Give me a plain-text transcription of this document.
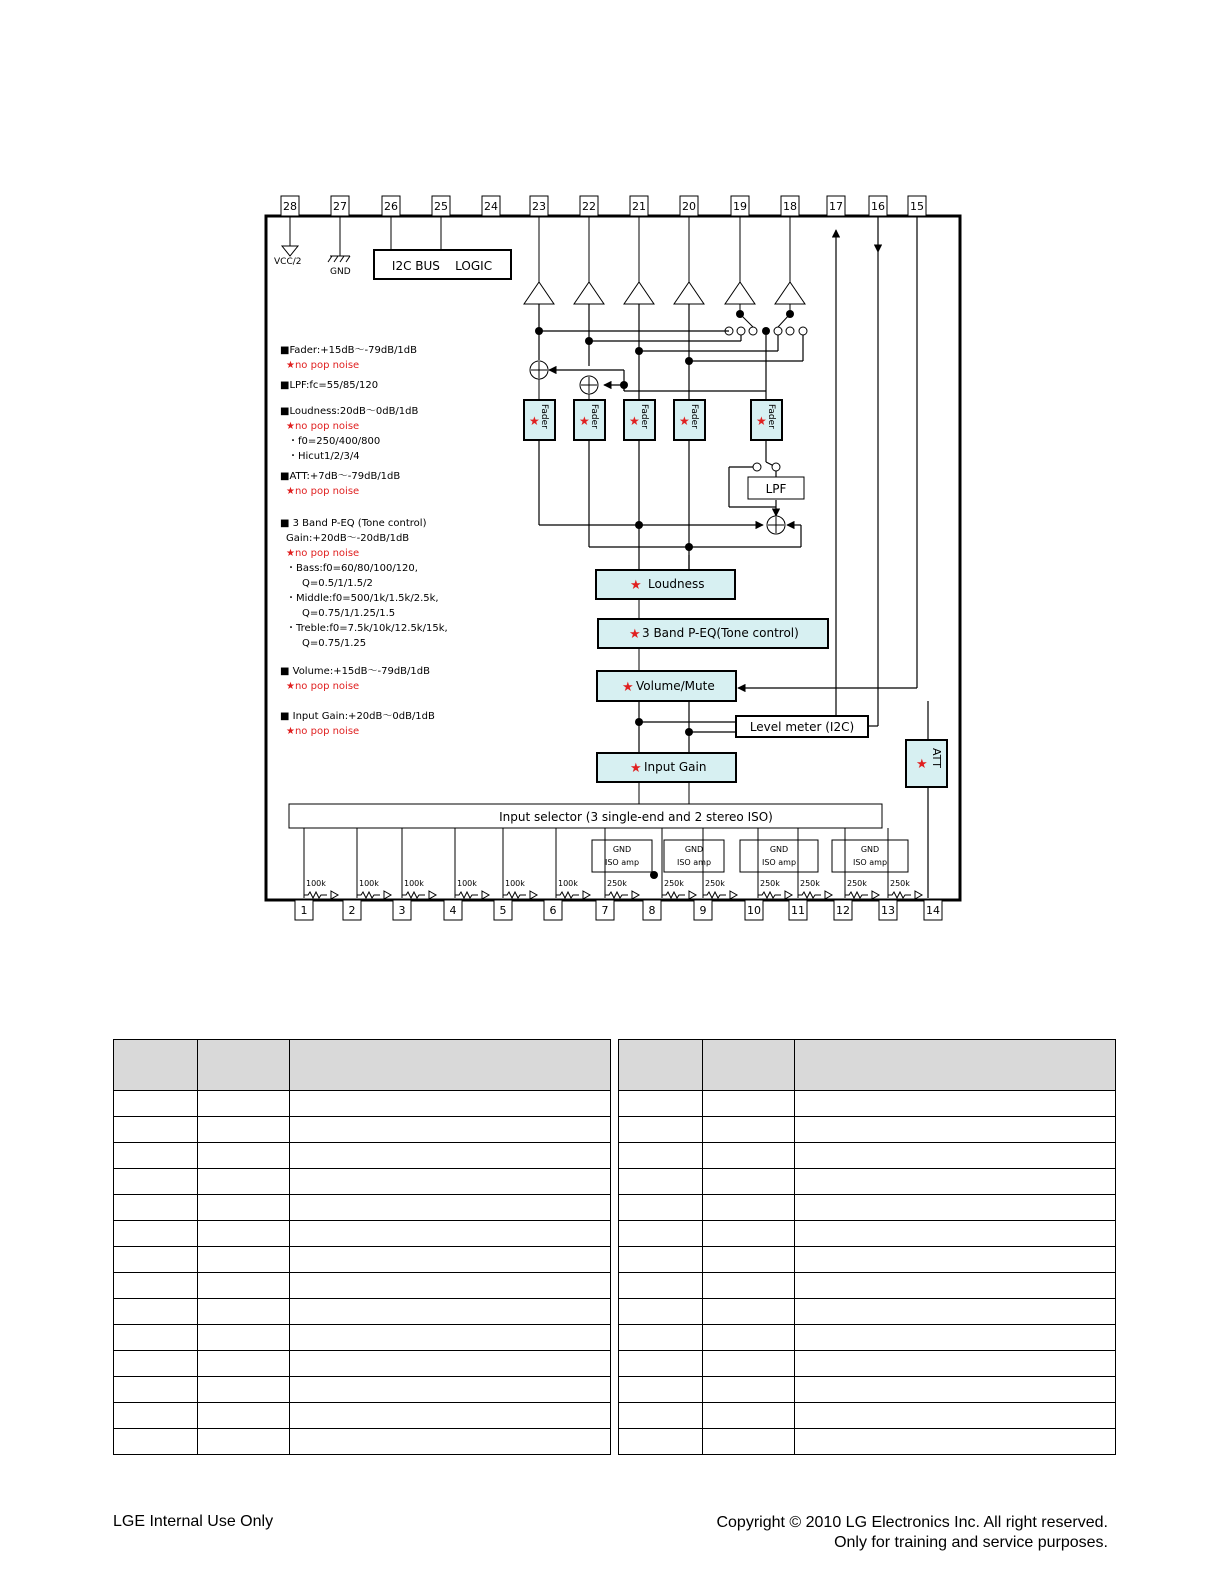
28	27	26	25	24	23	22	21	20	19	18	17	16 15
1	2	3	4	5	6	7	8	9	10	11	12	13	14
VCC/2
GND	I2C BUS    LOGIC
★ Fader	★ Fader	★ Fader	★ Fader	★ Fader
LPF
★ Loudness
★ 3 Band P-EQ(Tone control)
★ Volume/Mute
Level meter (I2C)
★ Input Gain	★ ATT
Input selector (3 single-end and 2 stereo ISO)
GND
ISO amp
GND
ISO amp
GND
ISO amp
GND
ISO amp
100k	100k	100k	100k	100k	100k	250k	250k	250k	250k	250k	250k	250k
■Fader:+15dB〜-79dB/1dB
★no pop noise
■LPF:fc=55/85/120
■Loudness:20dB〜0dB/1dB
★no pop noise
・f0=250/400/800
・Hicut1/2/3/4
■ATT:+7dB〜-79dB/1dB
★no pop noise
■ 3 Band P-EQ (Tone control)
Gain:+20dB〜-20dB/1dB
★no pop noise
・Bass:f0=60/80/100/120,
Q=0.5/1/1.5/2
・Middle:f0=500/1k/1.5k/2.5k,
Q=0.75/1/1.25/1.5
・Treble:f0=7.5k/10k/12.5k/15k,
Q=0.75/1.25
■ Volume:+15dB〜-79dB/1dB
★no pop noise
■ Input Gain:+20dB〜0dB/1dB
★no pop noise

LGE Internal Use Only	Copyright © 2010 LG Electronics Inc. All right reserved.
Only for training and service purposes.
